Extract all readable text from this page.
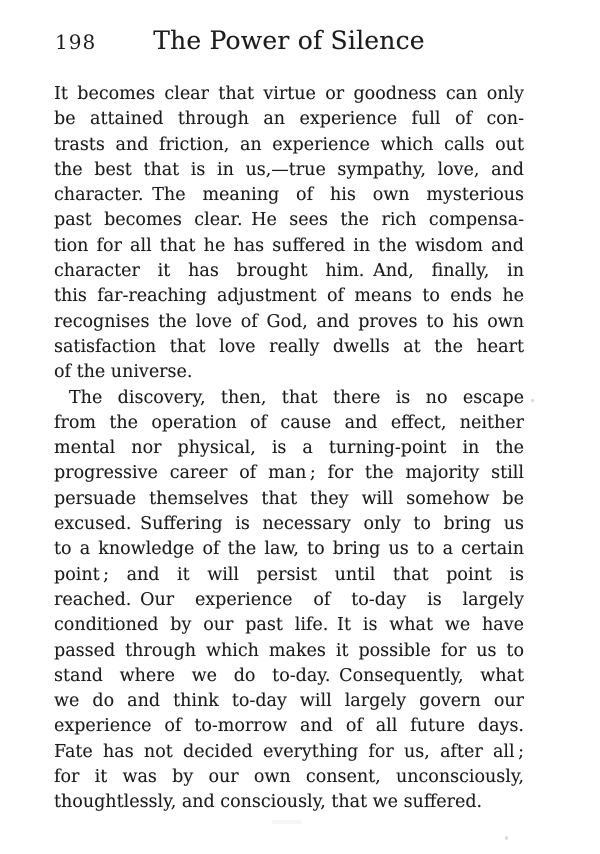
198	The Power of Silence
It becomes clear that virtue or goodness can only
be attained through an experience full of con-
trasts and friction, an experience which calls out
the best that is in us,—true sympathy, love, and
character. The meaning of his own mysterious
past becomes clear. He sees the rich compensa-
tion for all that he has suffered in the wisdom and
character it has brought him. And, finally, in
this far-reaching adjustment of means to ends he
recognises the love of God, and proves to his own
satisfaction that love really dwells at the heart
of the universe.
The discovery, then, that there is no escape
from the operation of cause and effect, neither
mental nor physical, is a turning-point in the
progressive career of man ; for the majority still
persuade themselves that they will somehow be
excused. Suffering is necessary only to bring us
to a knowledge of the law, to bring us to a certain
point ; and it will persist until that point is
reached. Our experience of to-day is largely
conditioned by our past life. It is what we have
passed through which makes it possible for us to
stand where we do to-day. Consequently, what
we do and think to-day will largely govern our
experience of to-morrow and of all future days.
Fate has not decided everything for us, after all ;
for it was by our own consent, unconsciously,
thoughtlessly, and consciously, that we suffered.
